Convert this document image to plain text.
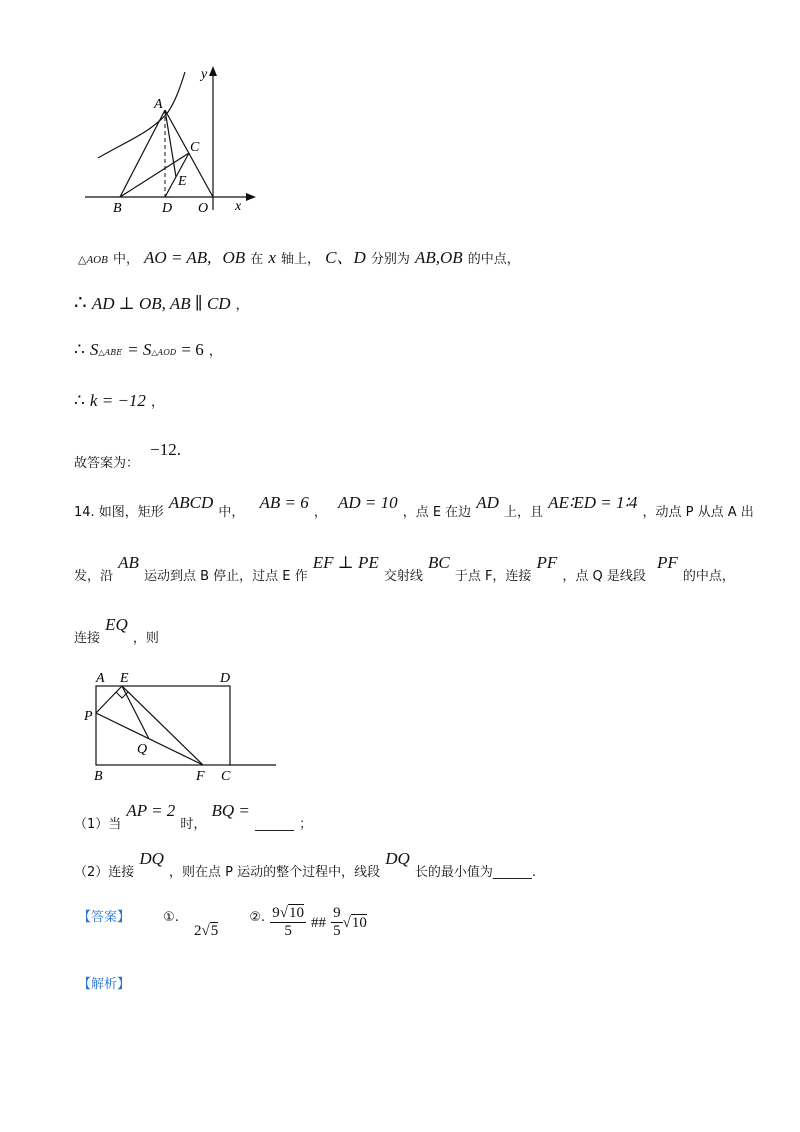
y
x
A
B
C
D
E
O
△AOB 中， AO = AB, OB 在 x 轴上， C、D 分别为 AB,OB 的中点，
∴ AD ⊥ OB, AB ∥ CD ，
∴ S△ABE = S△AOD = 6 ，
∴ k = −12 ，
$_{故答案为:}$ −12.
$_{14. 如图,矩形}$ ABCD $_{中,}$ AB = 6 $_,$ AD = 10 $_{,点 E 在边}$ AD $_{上,且}$ AE∶ED = 1∶4 $_{,动点 P 从点 A 出}$
$_{发,沿}$ AB $_{运动到点 B 停止,过点 E 作}$ EF ⊥ PE $_{交射线}$ BC $_{于点 F,连接}$ PF $_{,点 Q 是线段}$ PF $_{的中点,}$
$_{连接}$ EQ $_{,则}$
A E	D
P
Q
B	F C
$_{(1)当}$ AP = 2 $_{时,}$ BQ = $_{\_\_\_\_\_\_}$ $_;$
$_{(2)连接}$ DQ $_{,则在点 P 运动的整个过程中,线段}$ DQ $_{长的最小值为\_\_\_\_\_\_.}$
$^{【答案】}$	①. 2√5 $^{②.} \frac{9√10}{5}$ ## $\frac{9}{5} √10$
【解析】
